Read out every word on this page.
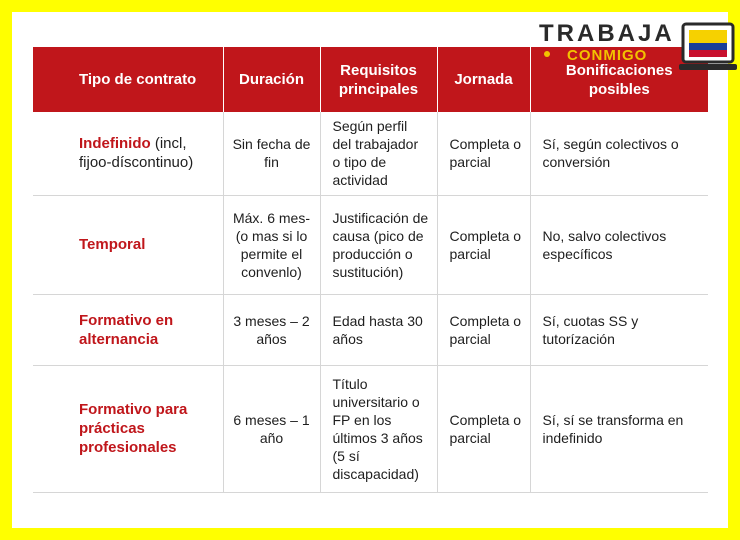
Tipo de contrato	Duración	Requisitos principales	Jornada	Bonificaciones posibles
Indefinido (incl, fijoo-díscontinuo)	Sin fecha de fin	Según perfil del trabajador o tipo de actividad	Completa o parcial	Sí, según colectivos o conversión
Temporal	Máx. 6 mes- (o mas si lo permite el convenlo)	Justificación de causa (pico de producción o sustitución)	Completa o parcial	No, salvo colectivos específicos
Formativo en alternancia	3 meses – 2 años	Edad hasta 30 años	Completa o parcial	Sí, cuotas SS y tutorízación
Formativo para prácticas profesionales	6 meses – 1 año	Título universitario o FP en los últimos 3 años (5 sí discapacidad)	Completa o parcial	Sí, sí se transforma en indefinido
TRABAJA
CONMIGO
